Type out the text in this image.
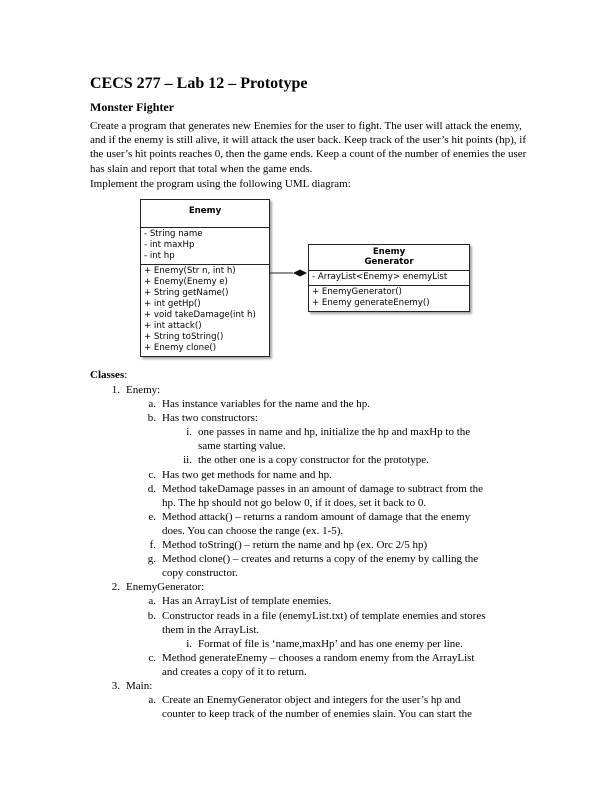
CECS 277 – Lab 12 – Prototype
Monster Fighter

Create a program that generates new Enemies for the user to fight. The user will attack the enemy, and if the enemy is still alive, it will attack the user back. Keep track of the user’s hit points (hp), if the user’s hit points reaches 0, then the game ends. Keep a count of the number of enemies the user has slain and report that total when the game ends.

Implement the program using the following UML diagram:

Enemy
- String name
- int maxHp
- int hp
+ Enemy(Str n, int h)
+ Enemy(Enemy e)
+ String getName()
+ int getHp()
+ void takeDamage(int h)
+ int attack()
+ String toString()
+ Enemy clone()
Enemy
Generator
- ArrayList<Enemy> enemyList
+ EnemyGenerator()
+ Enemy generateEnemy()
Classes:
1. Enemy:
a. Has instance variables for the name and the hp.
b. Has two constructors:
i. one passes in name and hp, initialize the hp and maxHp to the
same starting value.
ii. the other one is a copy constructor for the prototype.
c. Has two get methods for name and hp.
d. Method takeDamage passes in an amount of damage to subtract from the
hp. The hp should not go below 0, if it does, set it back to 0.
e. Method attack() – returns a random amount of damage that the enemy
does. You can choose the range (ex. 1-5).
f. Method toString() – return the name and hp (ex. Orc 2/5 hp)
g. Method clone() – creates and returns a copy of the enemy by calling the
copy constructor.
2. EnemyGenerator:
a. Has an ArrayList of template enemies.
b. Constructor reads in a file (enemyList.txt) of template enemies and stores
them in the ArrayList.
i. Format of file is ‘name,maxHp’ and has one enemy per line.
c. Method generateEnemy – chooses a random enemy from the ArrayList
and creates a copy of it to return.
3. Main:
a. Create an EnemyGenerator object and integers for the user’s hp and
counter to keep track of the number of enemies slain. You can start the
